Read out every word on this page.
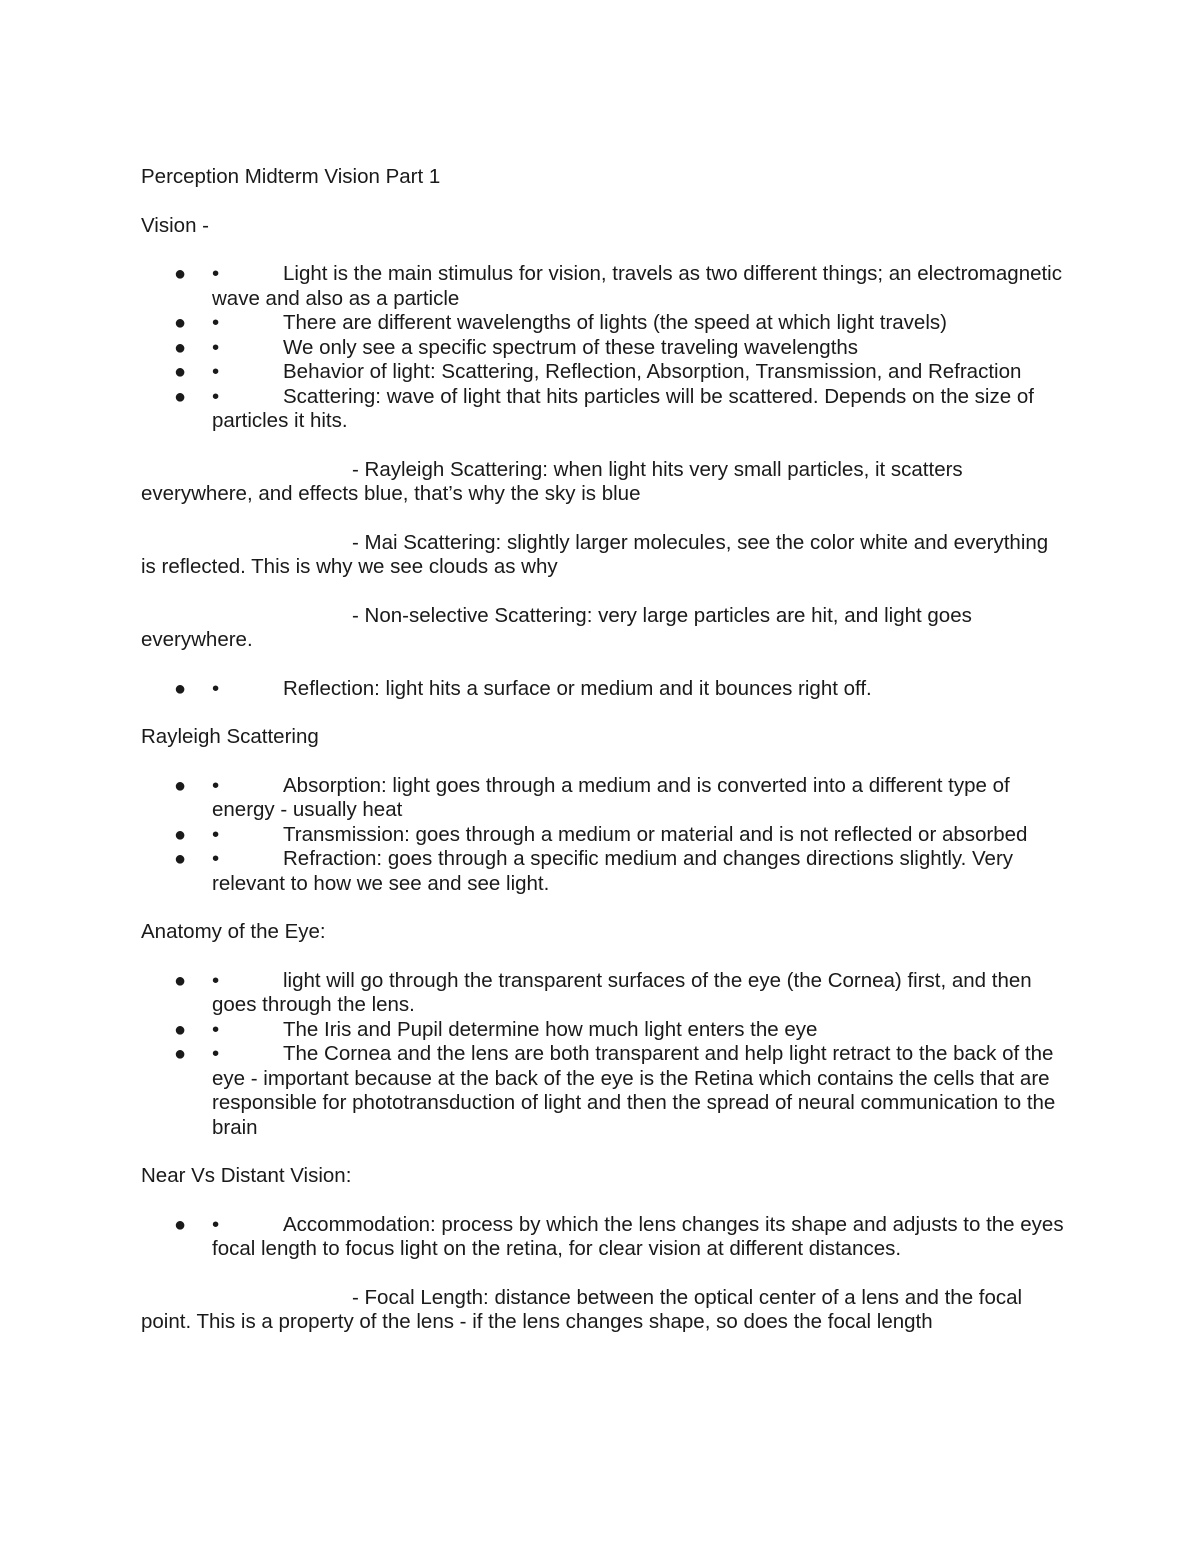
Perception Midterm Vision Part 1

Vision -

● •	Light is the main stimulus for vision, travels as two different things; an electromagnetic wave and also as a particle
● •	There are different wavelengths of lights (the speed at which light travels)
● •	We only see a specific spectrum of these traveling wavelengths
● •	Behavior of light: Scattering, Reflection, Absorption, Transmission, and Refraction
● •	Scattering: wave of light that hits particles will be scattered. Depends on the size of particles it hits.

- Rayleigh Scattering: when light hits very small particles, it scatters everywhere, and effects blue, that’s why the sky is blue

- Mai Scattering: slightly larger molecules, see the color white and everything is reflected. This is why we see clouds as why

- Non-selective Scattering: very large particles are hit, and light goes everywhere.

● •	Reflection: light hits a surface or medium and it bounces right off.

Rayleigh Scattering

● •	Absorption: light goes through a medium and is converted into a different type of energy - usually heat
● •	Transmission: goes through a medium or material and is not reflected or absorbed
● •	Refraction: goes through a specific medium and changes directions slightly. Very relevant to how we see and see light.

Anatomy of the Eye:

● •	light will go through the transparent surfaces of the eye (the Cornea) first, and then goes through the lens.
● •	The Iris and Pupil determine how much light enters the eye
● •	The Cornea and the lens are both transparent and help light retract to the back of the eye - important because at the back of the eye is the Retina which contains the cells that are responsible for phototransduction of light and then the spread of neural communication to the brain

Near Vs Distant Vision:

● •	Accommodation: process by which the lens changes its shape and adjusts to the eyes focal length to focus light on the retina, for clear vision at different distances.

- Focal Length: distance between the optical center of a lens and the focal point. This is a property of the lens - if the lens changes shape, so does the focal length
